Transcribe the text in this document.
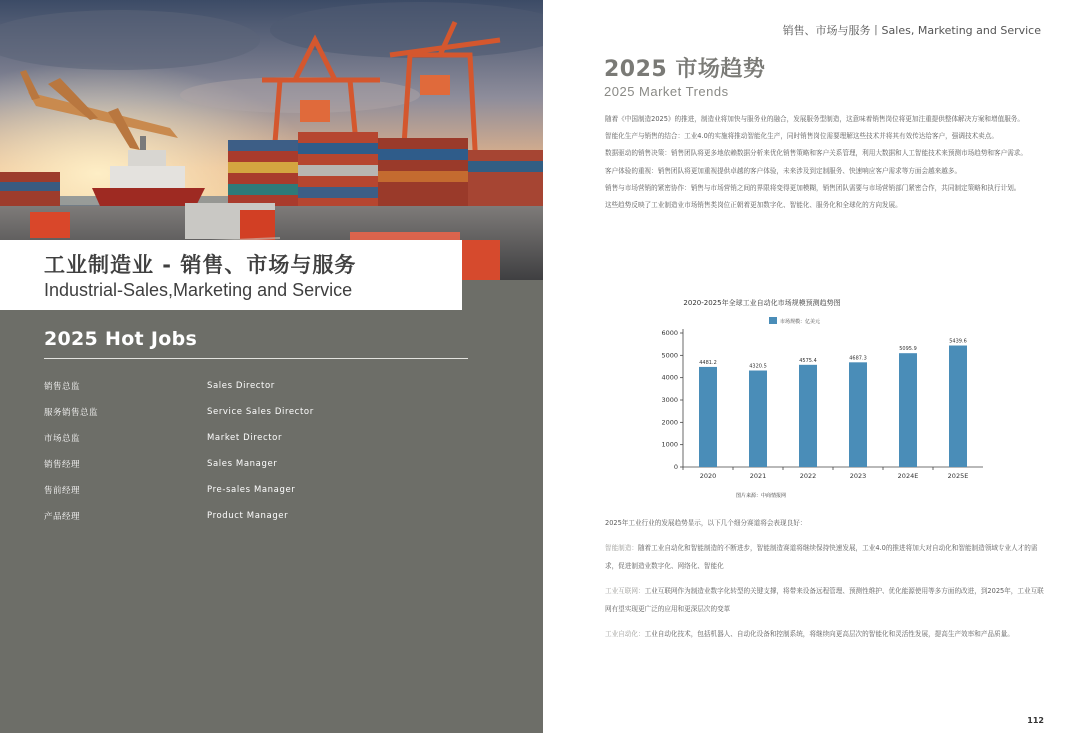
工业制造业 - 销售、市场与服务
Industrial-Sales,Marketing and Service
2025 Hot Jobs
销售总监	Sales Director
服务销售总监	Service Sales Director
市场总监	Market Director
销售经理	Sales Manager
售前经理	Pre-sales Manager
产品经理	Product Manager
销售、市场与服务丨Sales, Marketing and Service
2025 市场趋势
2025 Market Trends

随着《中国制造2025》的推进，制造业将加快与服务业的融合，发展服务型制造，这意味着销售岗位将更加注重提供整体解决方案和增值服务。

智能化生产与销售的结合：工业4.0的实施将推动智能化生产，同时销售岗位需要理解这些技术并将其有效传达给客户，强调技术卖点。

数据驱动的销售决策：销售团队将更多地依赖数据分析来优化销售策略和客户关系管理，利用大数据和人工智能技术来预测市场趋势和客户需求。

客户体验的重视：销售团队将更加重视提供卓越的客户体验，未来涉及到定制服务、快速响应客户需求等方面会越来越多。

销售与市场营销的紧密协作：销售与市场营销之间的界限将变得更加模糊，销售团队需要与市场营销部门紧密合作，共同制定策略和执行计划。

这些趋势反映了工业制造业市场销售类岗位正朝着更加数字化、智能化、服务化和全球化的方向发展。

2020-2025年全球工业自动化市场规模预测趋势图
市场规模：亿美元
0
1000
2000
3000
4000
5000
6000
4481.2
2020
4320.5
2021
4575.4
2022
4687.3
2023
5095.9
2024E
5439.6
2025E
图片来源：中商情报网

2025年工业行业的发展趋势显示，以下几个细分赛道将会表现良好：

智能制造：随着工业自动化和智能制造的不断进步，智能制造赛道将继续保持快速发展，工业4.0的推进将加大对自动化和智能制造领域专业人才的需求，促进制造业数字化、网络化、智能化

工业互联网：工业互联网作为制造业数字化转型的关键支撑，将带来设备远程管理、预测性维护、优化能源使用等多方面的改进，到2025年，工业互联网有望实现更广泛的应用和更深层次的变革

工业自动化：工业自动化技术，包括机器人、自动化设备和控制系统，将继续向更高层次的智能化和灵活性发展，提高生产效率和产品质量。

112
